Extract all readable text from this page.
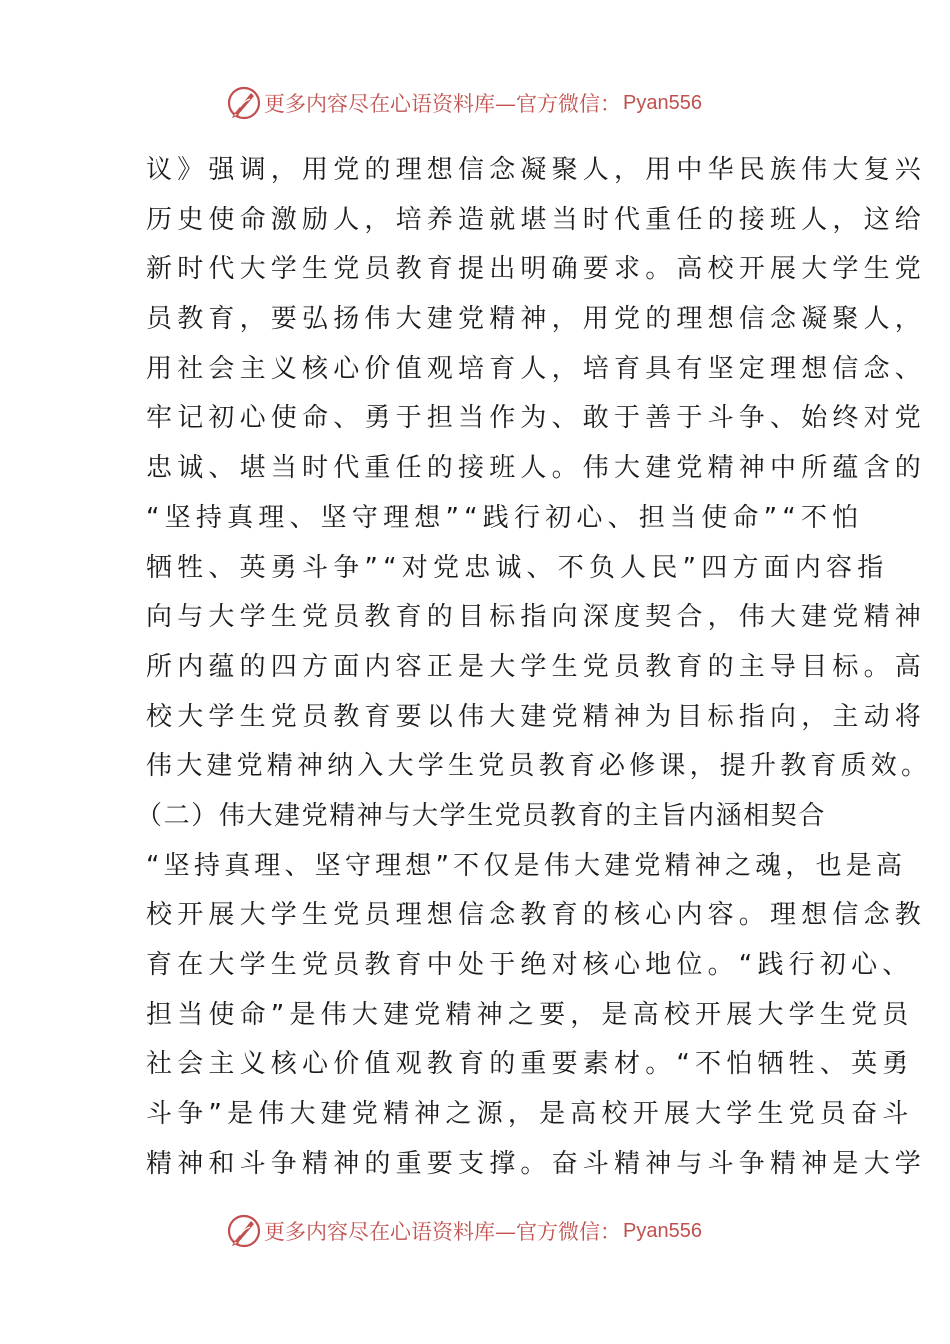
更多内容尽在心语资料库—官方微信： Pyan556
议》强调，用党的理想信念凝聚人，用中华民族伟大复兴
历史使命激励人，培养造就堪当时代重任的接班人，这给
新时代大学生党员教育提出明确要求。高校开展大学生党
员教育，要弘扬伟大建党精神，用党的理想信念凝聚人，
用社会主义核心价值观培育人，培育具有坚定理想信念、
牢记初心使命、勇于担当作为、敢于善于斗争、始终对党
忠诚、堪当时代重任的接班人。伟大建党精神中所蕴含的
“坚持真理、坚守理想”“践行初心、担当使命”“不怕
牺牲、英勇斗争”“对党忠诚、不负人民”四方面内容指
向与大学生党员教育的目标指向深度契合，伟大建党精神
所内蕴的四方面内容正是大学生党员教育的主导目标。高
校大学生党员教育要以伟大建党精神为目标指向，主动将
伟大建党精神纳入大学生党员教育必修课，提升教育质效。
（二）伟大建党精神与大学生党员教育的主旨内涵相契合
“坚持真理、坚守理想”不仅是伟大建党精神之魂，也是高
校开展大学生党员理想信念教育的核心内容。理想信念教
育在大学生党员教育中处于绝对核心地位。“践行初心、
担当使命”是伟大建党精神之要，是高校开展大学生党员
社会主义核心价值观教育的重要素材。“不怕牺牲、英勇
斗争”是伟大建党精神之源，是高校开展大学生党员奋斗
精神和斗争精神的重要支撑。奋斗精神与斗争精神是大学
更多内容尽在心语资料库—官方微信： Pyan556
